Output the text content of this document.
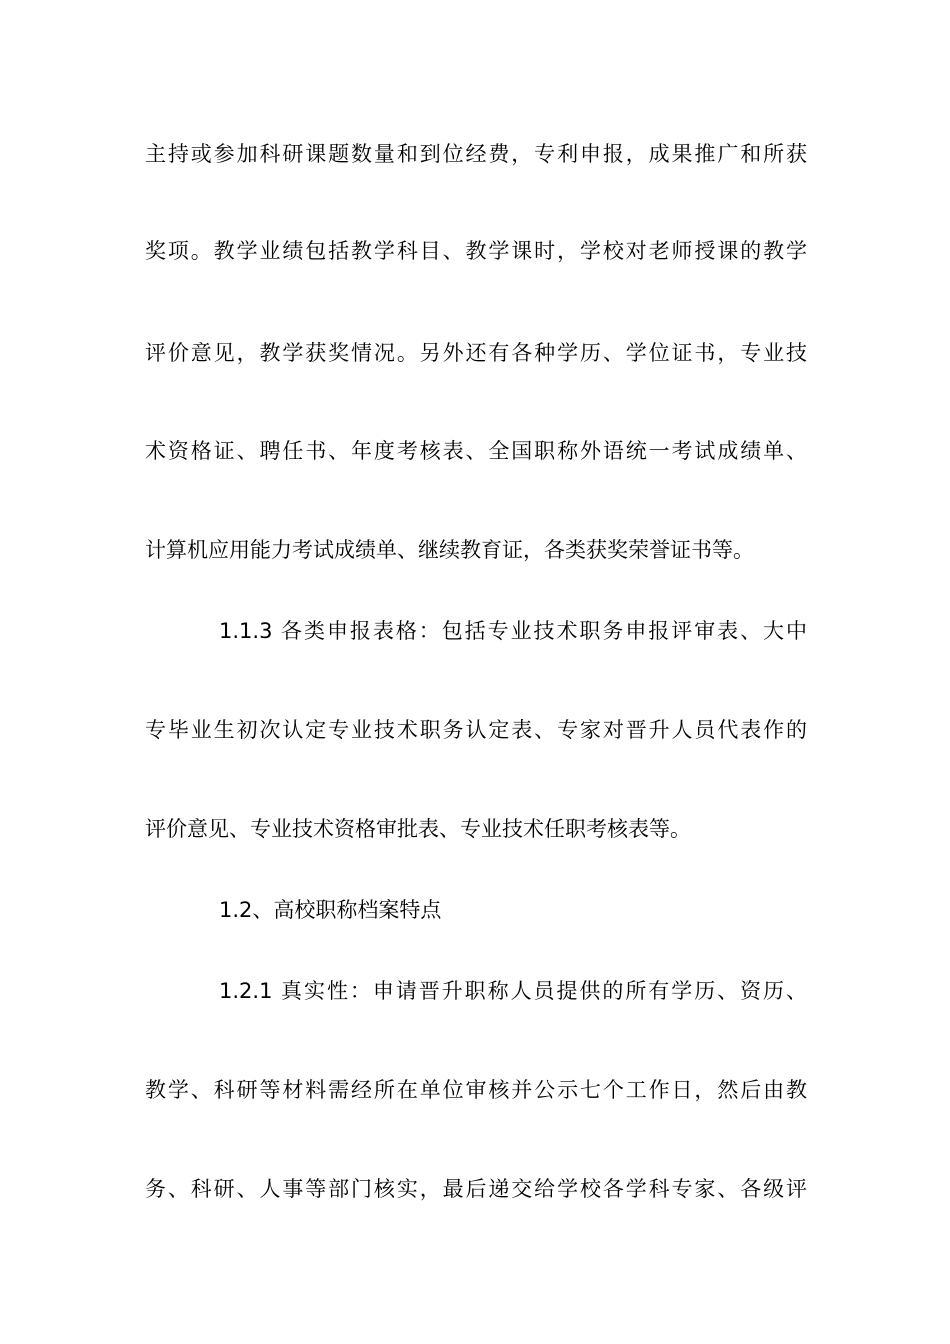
主持或参加科研课题数量和到位经费，专利申报，成果推广和所获
奖项。教学业绩包括教学科目、教学课时，学校对老师授课的教学
评价意见，教学获奖情况。另外还有各种学历、学位证书，专业技
术资格证、聘任书、年度考核表、全国职称外语统一考试成绩单、
计算机应用能力考试成绩单、继续教育证，各类获奖荣誉证书等。
1.1.3 各类申报表格：包括专业技术职务申报评审表、大中
专毕业生初次认定专业技术职务认定表、专家对晋升人员代表作的
评价意见、专业技术资格审批表、专业技术任职考核表等。
1.2、高校职称档案特点
1.2.1 真实性：申请晋升职称人员提供的所有学历、资历、
教学、科研等材料需经所在单位审核并公示七个工作日，然后由教
务、科研、人事等部门核实，最后递交给学校各学科专家、各级评
